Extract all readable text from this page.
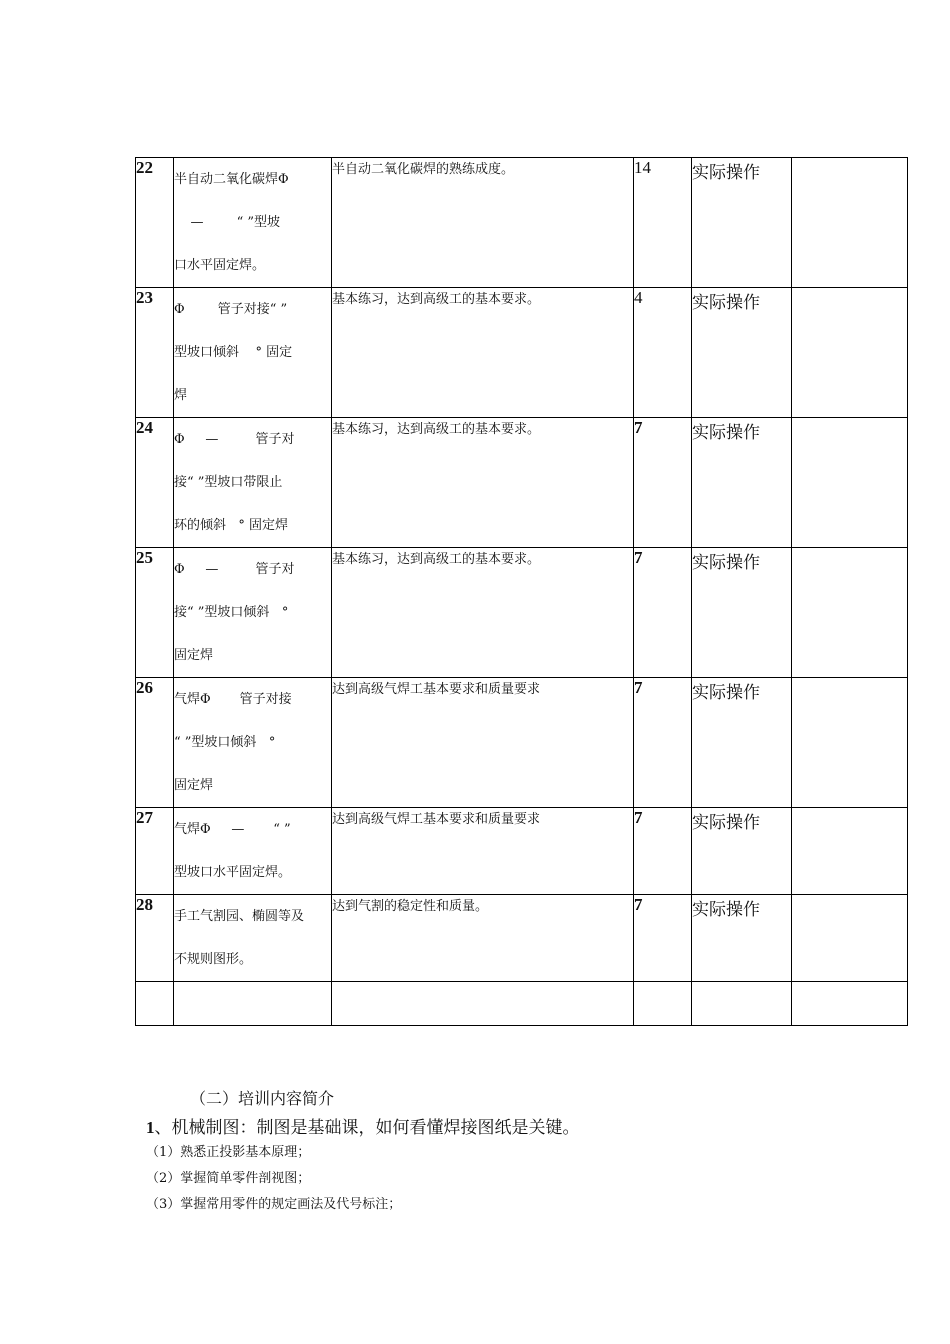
22	半自动二氧化碳焊Φ
—        “ ”型坡
口水平固定焊。	半自动二氧化碳焊的熟练成度。	14	实际操作	
23	Φ        管子对接“ ”
型坡口倾斜    ° 固定
焊	基本练习，达到高级工的基本要求。	4	实际操作	
24	Φ     —         管子对
接“ ”型坡口带限止
环的倾斜   ° 固定焊	基本练习，达到高级工的基本要求。	7	实际操作	
25	Φ     —         管子对
接“ ”型坡口倾斜   °
固定焊	基本练习，达到高级工的基本要求。	7	实际操作	
26	气焊Φ       管子对接
“ ”型坡口倾斜   °
固定焊	达到高级气焊工基本要求和质量要求	7	实际操作	
27	气焊Φ     —       “ ”
型坡口水平固定焊。	达到高级气焊工基本要求和质量要求	7	实际操作	
28	手工气割园、椭圆等及
不规则图形。	达到气割的稳定性和质量。	7	实际操作	

（二）培训内容简介
1、机械制图：制图是基础课，如何看懂焊接图纸是关键。
（1）熟悉正投影基本原理；
（2）掌握简单零件剖视图；
（3）掌握常用零件的规定画法及代号标注；
